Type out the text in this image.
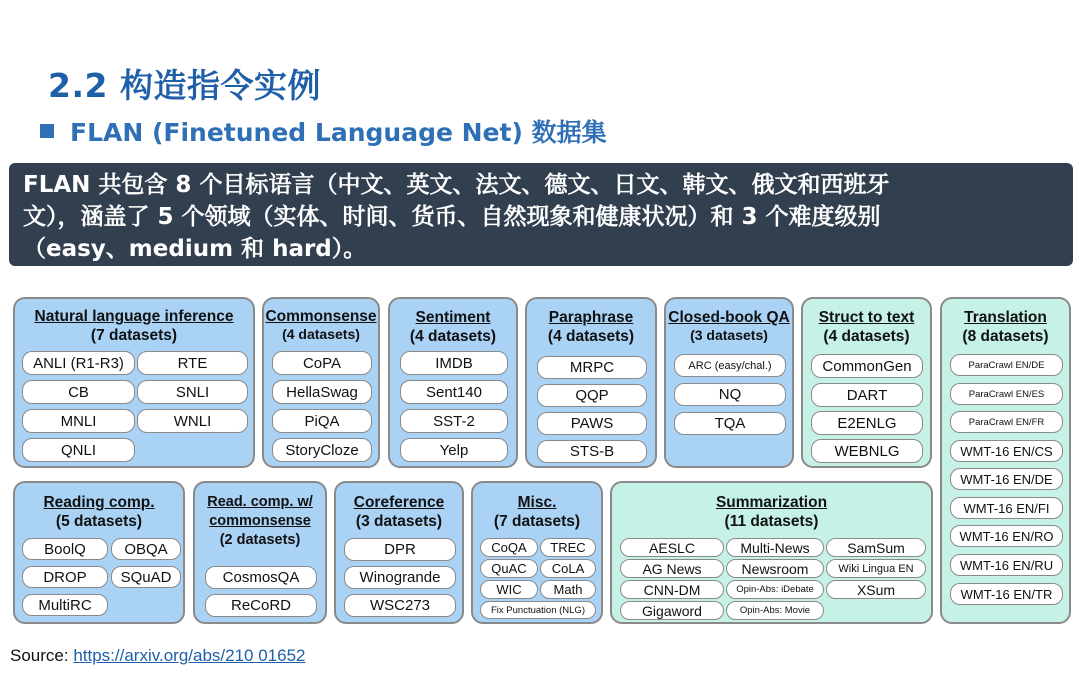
2.2 构造指令实例
FLAN (Finetuned Language Net) 数据集
FLAN 共包含 8 个目标语言（中文、英文、法文、德文、日文、韩文、俄文和西班牙
文），涵盖了 5 个领域（实体、时间、货币、自然现象和健康状况）和 3 个难度级别
（easy、medium 和 hard）。
Natural language inference
(7 datasets)
ANLI (R1-R3)	RTE
CB	SNLI
MNLI	WNLI
QNLI
Commonsense
(4 datasets)
CoPA
HellaSwag
PiQA
StoryCloze
Sentiment
(4 datasets)
IMDB
Sent140
SST-2
Yelp
Paraphrase
(4 datasets)
MRPC
QQP
PAWS
STS-B
Closed-book QA
(3 datasets)
ARC (easy/chal.)
NQ
TQA
Struct to text
(4 datasets)
CommonGen
DART
E2ENLG
WEBNLG
Translation
(8 datasets)
ParaCrawl EN/DE
ParaCrawl EN/ES
ParaCrawl EN/FR
WMT-16 EN/CS
WMT-16 EN/DE
WMT-16 EN/FI
WMT-16 EN/RO
WMT-16 EN/RU
WMT-16 EN/TR
Reading comp.
(5 datasets)
BoolQ	OBQA
DROP	SQuAD
MultiRC
Read. comp. w/
commonsense
(2 datasets)
CosmosQA
ReCoRD
Coreference
(3 datasets)
DPR
Winogrande
WSC273
Misc.
(7 datasets)
CoQA	TREC
QuAC	CoLA
WIC	Math
Fix Punctuation (NLG)
Summarization
(11 datasets)
AESLC	Multi-News	SamSum
AG News	Newsroom	Wiki Lingua EN
CNN-DM	Opin-Abs: iDebate	XSum
Gigaword	Opin-Abs: Movie
Source: https://arxiv.org/abs/210 01652
